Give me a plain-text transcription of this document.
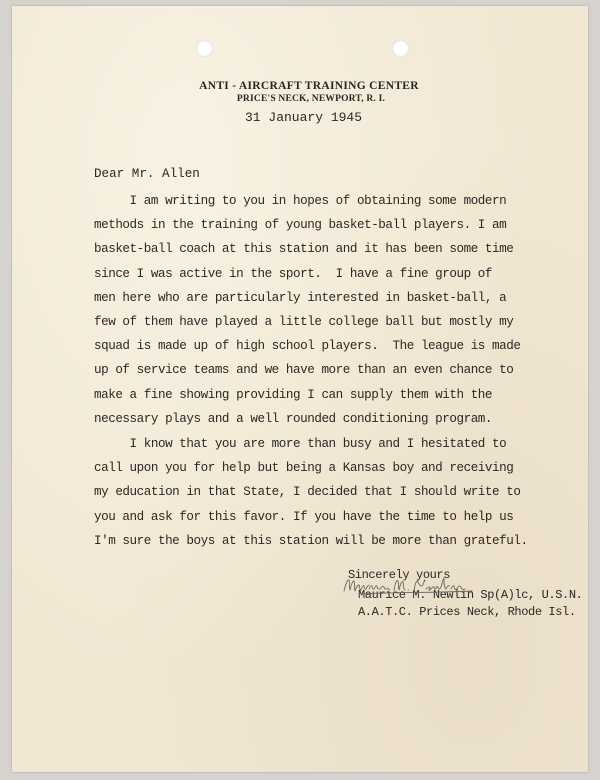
ANTI - AIRCRAFT TRAINING CENTER
PRICE'S NECK, NEWPORT, R. I.
31 January 1945
Dear Mr. Allen
I am writing to you in hopes of obtaining some modern
methods in the training of young basket-ball players. I am
basket-ball coach at this station and it has been some time
since I was active in the sport.  I have a fine group of
men here who are particularly interested in basket-ball, a
few of them have played a little college ball but mostly my
squad is made up of high school players.  The league is made
up of service teams and we have more than an even chance to
make a fine showing providing I can supply them with the
necessary plays and a well rounded conditioning program.
I know that you are more than busy and I hesitated to
call upon you for help but being a Kansas boy and receiving
my education in that State, I decided that I should write to
you and ask for this favor. If you have the time to help us
I'm sure the boys at this station will be more than grateful.
Sincerely yours
Maurice M. Newlin Sp(A)lc, U.S.N.
A.A.T.C. Prices Neck, Rhode Isl.
